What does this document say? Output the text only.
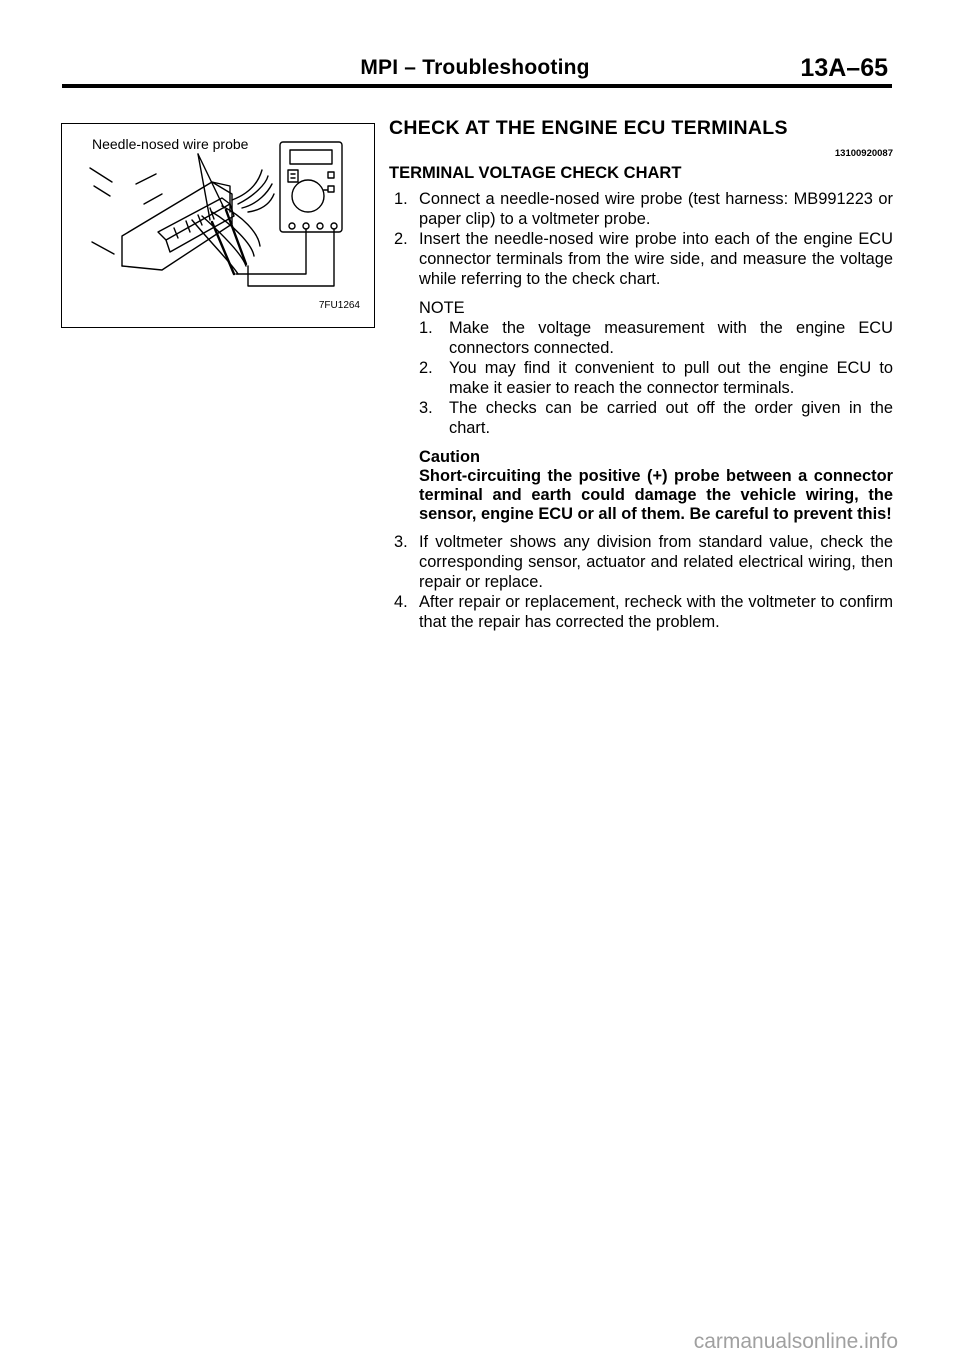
MPI – Troubleshooting	13A–65
Needle-nosed wire probe
7FU1264
CHECK AT THE ENGINE ECU TERMINALS
13100920087
TERMINAL VOLTAGE CHECK CHART
1. Connect a needle-nosed wire probe (test harness: MB991223 or paper clip) to a voltmeter probe.
2. Insert the needle-nosed wire probe into each of the engine ECU connector terminals from the wire side, and measure the voltage while referring to the check chart.
NOTE
1. Make the voltage measurement with the engine ECU connectors connected.
2. You may find it convenient to pull out the engine ECU to make it easier to reach the connector terminals.
3. The checks can be carried out off the order given in the chart.
Caution
Short-circuiting the positive (+) probe between a connector terminal and earth could damage the vehicle wiring, the sensor, engine ECU or all of them. Be careful to prevent this!
3. If voltmeter shows any division from standard value, check the corresponding sensor, actuator and related electrical wiring, then repair or replace.
4. After repair or replacement, recheck with the voltmeter to confirm that the repair has corrected the problem.
carmanualsonline.info
